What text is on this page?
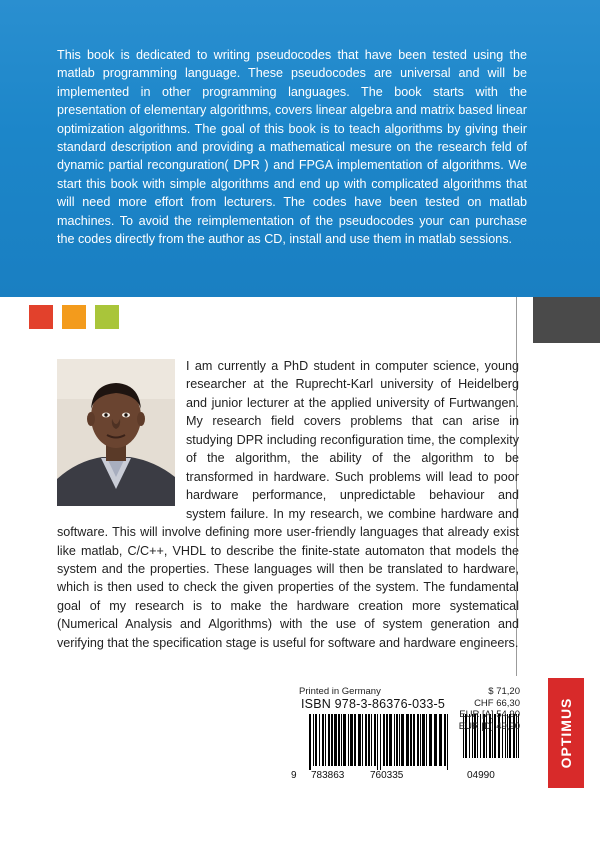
This book is dedicated to writing pseudocodes that have been tested using the matlab programming language. These pseudocodes are universal and will be implemented in other programming languages. The book starts with the presentation of elementary algorithms, covers linear algebra and matrix based linear optimization algorithms. The goal of this book is to teach algorithms by giving their standard description and providing a mathematical mesure on the research feld of dynamic partial reconguration( DPR ) and FPGA implementation of algorithms. We start this book with simple algorithms and end up with complicated algorithms that will need more effort from lecturers. The codes have been tested on matlab machines. To avoid the reimplementation of the pseudocodes your can purchase the codes directly from the author as CD, install and use them in matlab sessions.

I am currently a PhD student in computer science, young researcher at the Ruprecht-Karl university of Heidelberg and junior lecturer at the applied university of Furtwangen. My research field covers problems that can arise in studying DPR including reconfiguration time, the complexity of the algorithm, the ability of the algorithm to be transformed in hardware. Such problems will lead to poor hardware performance, unpredictable behaviour and system failure. In my research, we combine hardware and software. This will involve defining more user-friendly languages that already exist like matlab, C/C++, VHDL to describe the finite-state automaton that models the system and the properties. These languages will then be translated to hardware, which is then used to check the given properties of the system. The fundamental goal of my research is to make the hardware creation more systematical (Numerical Analysis and Algorithms) with the use of system generation and verifying that the specification stage is useful for software and hardware engineers.

Printed in Germany
ISBN 978-3-86376-033-5
9 783863	760335	04990
$ 71,20
CHF 66,30
EUR [A] 54,90
EUR [D] 49,90	OPTIMUS
